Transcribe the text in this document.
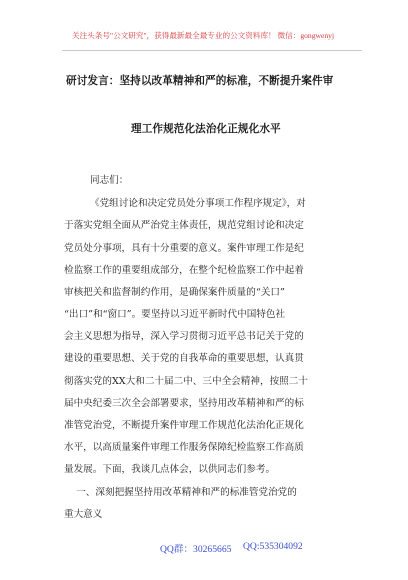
关注头条号"公文研究"，获得最新最全最专业的公文资料库！ 微信：gongwenyj
研讨发言：坚持以改革精神和严的标准，不断提升案件审
理工作规范化法治化正规化水平
同志们：
《党组讨论和决定党员处分事项工作程序规定》，对
于落实党组全面从严治党主体责任，规范党组讨论和决定
党员处分事项，具有十分重要的意义。案件审理工作是纪
检监察工作的重要组成部分，在整个纪检监察工作中起着
审核把关和监督制约作用，是确保案件质量的“关口”
“出口”和“窗口”。要坚持以习近平新时代中国特色社
会主义思想为指导，深入学习贯彻习近平总书记关于党的
建设的重要思想、关于党的自我革命的重要思想，认真贯
彻落实党的XX大和二十届二中、三中全会精神，按照二十
届中央纪委三次全会部署要求，坚持用改革精神和严的标
准管党治党，不断提升案件审理工作规范化法治化正规化
水平，以高质量案件审理工作服务保障纪检监察工作高质
量发展。下面，我谈几点体会，以供同志们参考。
一、深刻把握坚持用改革精神和严的标准管党治党的
重大意义
QQ群：30265665 QQ:535304092
